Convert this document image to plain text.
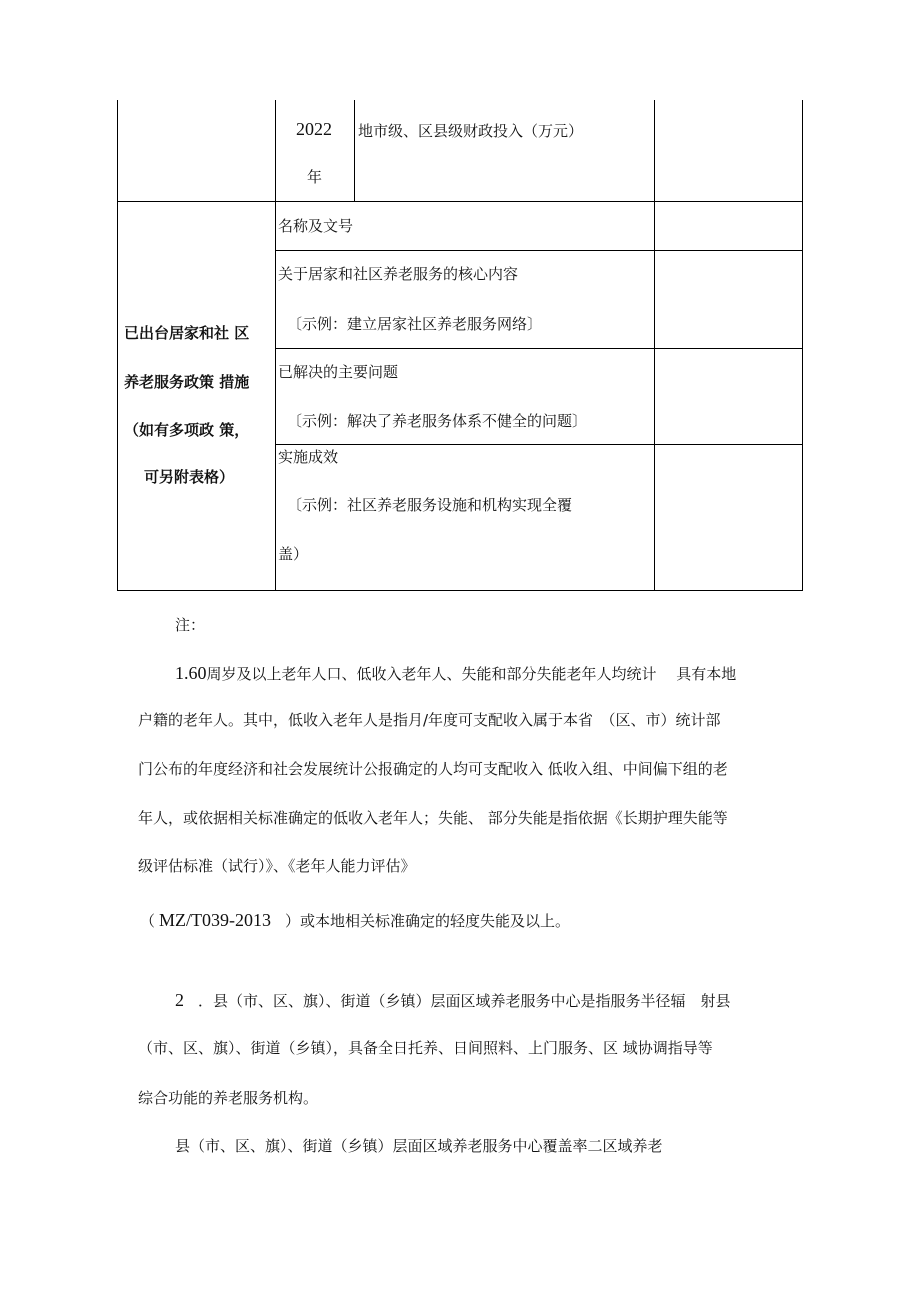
2022
年
地市级、区县级财政投入（万元）
已出台居家和社 区
养老服务政策 措施
（如有多项政 策，
可另附表格）
名称及文号
关于居家和社区养老服务的核心内容
〔示例：建立居家社区养老服务网络〕
已解决的主要问题
〔示例：解决了养老服务体系不健全的问题〕
实施成效
〔示例：社区养老服务设施和机构实现全覆
盖）
注：
1.60周岁及以上老年人口、低收入老年人、失能和部分失能老年人均统计　 具有本地
户籍的老年人。其中，低收入老年人是指月/年度可支配收入属于本省　（区、市）统计部
门公布的年度经济和社会发展统计公报确定的人均可支配收入 低收入组、中间偏下组的老
年人，或依据相关标准确定的低收入老年人；失能、 部分失能是指依据《长期护理失能等
级评估标准（试行）》、《老年人能力评估》
（ MZ/T039-2013 ）或本地相关标准确定的轻度失能及以上。
2 ．县（市、区、旗）、街道（乡镇）层面区域养老服务中心是指服务半径辐　射县
（市、区、旗）、街道（乡镇），具备全日托养、日间照料、上门服务、区 域协调指导等
综合功能的养老服务机构。
县（市、区、旗）、街道（乡镇）层面区域养老服务中心覆盖率二区域养老
